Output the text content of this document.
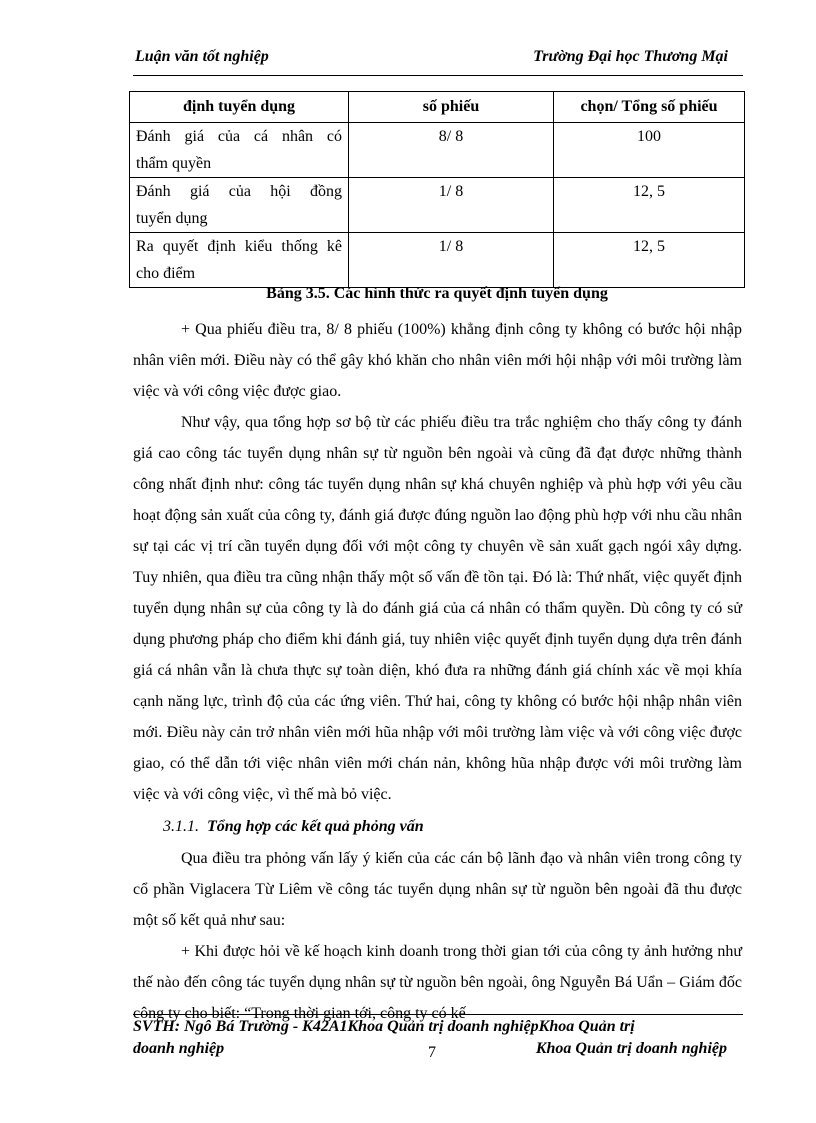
Luận văn tốt nghiệp	Trường Đại học Thương Mại
định tuyển dụng	số phiếu	chọn/ Tổng số phiếu

Đánh giá của cá nhân có
thẩm quyền	8/ 8	100

Đánh giá của hội đồng
tuyển dụng	1/ 8	12, 5

Ra quyết định kiểu thống kê
cho điểm	1/ 8	12, 5
Bảng 3.5. Các hình thức ra quyết định tuyển dụng

+ Qua phiếu điều tra, 8/ 8 phiếu (100%) khẳng định công ty không có bước hội nhập nhân viên mới. Điều này có thể gây khó khăn cho nhân viên mới hội nhập với môi trường làm việc và với công việc được giao.

Như vậy, qua tổng hợp sơ bộ từ các phiếu điều tra trắc nghiệm cho thấy công ty đánh giá cao công tác tuyển dụng nhân sự từ nguồn bên ngoài và cũng đã đạt được những thành công nhất định như: công tác tuyển dụng nhân sự khá chuyên nghiệp và phù hợp với yêu cầu hoạt động sản xuất của công ty, đánh giá được đúng nguồn lao động phù hợp với nhu cầu nhân sự tại các vị trí cần tuyển dụng đối với một công ty chuyên về sản xuất gạch ngói xây dựng. Tuy nhiên, qua điều tra cũng nhận thấy một số vấn đề tồn tại. Đó là: Thứ nhất, việc quyết định tuyển dụng nhân sự của công ty là do đánh giá của cá nhân có thẩm quyền. Dù công ty có sử dụng phương pháp cho điểm khi đánh giá, tuy nhiên việc quyết định tuyển dụng dựa trên đánh giá cá nhân vẫn là chưa thực sự toàn diện, khó đưa ra những đánh giá chính xác về mọi khía cạnh năng lực, trình độ của các ứng viên. Thứ hai, công ty không có bước hội nhập nhân viên mới. Điều này cản trở nhân viên mới hũa nhập với môi trường làm việc và với công việc được giao, có thể dẫn tới việc nhân viên mới chán nản, không hũa nhập được với môi trường làm việc và với công việc, vì thế mà bỏ việc.

3.1.1. Tổng hợp các kết quả phỏng vấn

Qua điều tra phỏng vấn lấy ý kiến của các cán bộ lãnh đạo và nhân viên trong công ty cổ phần Viglacera Từ Liêm về công tác tuyển dụng nhân sự từ nguồn bên ngoài đã thu được một số kết quả như sau:

+ Khi được hỏi về kế hoạch kinh doanh trong thời gian tới của công ty ảnh hưởng như thế nào đến công tác tuyển dụng nhân sự từ nguồn bên ngoài, ông Nguyễn Bá Uẩn – Giám đốc công ty cho biết: “Trong thời gian tới, công ty có kế

SVTH: Ngô Bá Trường - K42A1Khoa Quản trị doanh nghiệpKhoa Quản trị
doanh nghiệp	7	Khoa Quản trị doanh nghiệp
